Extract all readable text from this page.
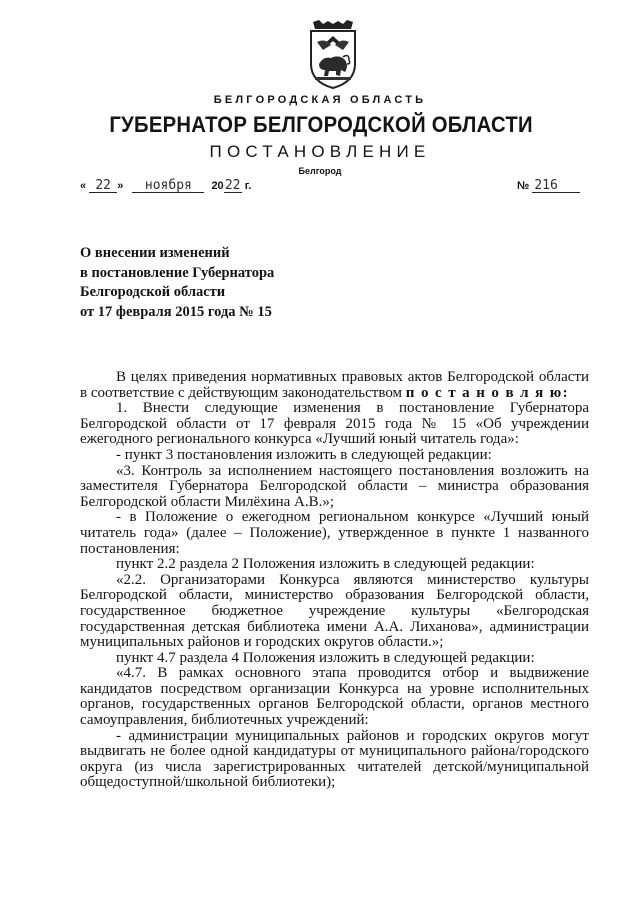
БЕЛГОРОДСКАЯ ОБЛАСТЬ
ГУБЕРНАТОР БЕЛГОРОДСКОЙ ОБЛАСТИ
ПОСТАНОВЛЕНИЕ
Белгород
« 22 » ноября 2022 г.	№ 216
О внесении изменений
в постановление Губернатора
Белгородской области
от 17 февраля 2015 года № 15
В целях приведения нормативных правовых актов Белгородской области в соответствие с действующим законодательством п о с т а н о в л я ю:
1. Внести следующие изменения в постановление Губернатора Белгородской области от 17 февраля 2015 года № 15 «Об учреждении ежегодного регионального конкурса «Лучший юный читатель года»:
- пункт 3 постановления изложить в следующей редакции:
«3. Контроль за исполнением настоящего постановления возложить на заместителя Губернатора Белгородской области – министра образования Белгородской области Милёхина А.В.»;
- в Положение о ежегодном региональном конкурсе «Лучший юный читатель года» (далее – Положение), утвержденное в пункте 1 названного постановления:
пункт 2.2 раздела 2 Положения изложить в следующей редакции:
«2.2. Организаторами Конкурса являются министерство культуры Белгородской области, министерство образования Белгородской области, государственное бюджетное учреждение культуры «Белгородская государственная детская библиотека имени А.А. Лиханова», администрации муниципальных районов и городских округов области.»;
пункт 4.7 раздела 4 Положения изложить в следующей редакции:
«4.7. В рамках основного этапа проводится отбор и выдвижение кандидатов посредством организации Конкурса на уровне исполнительных органов, государственных органов Белгородской области, органов местного самоуправления, библиотечных учреждений:
- администрации муниципальных районов и городских округов могут выдвигать не более одной кандидатуры от муниципального района/городского округа (из числа зарегистрированных читателей детской/муниципальной общедоступной/школьной библиотеки);
